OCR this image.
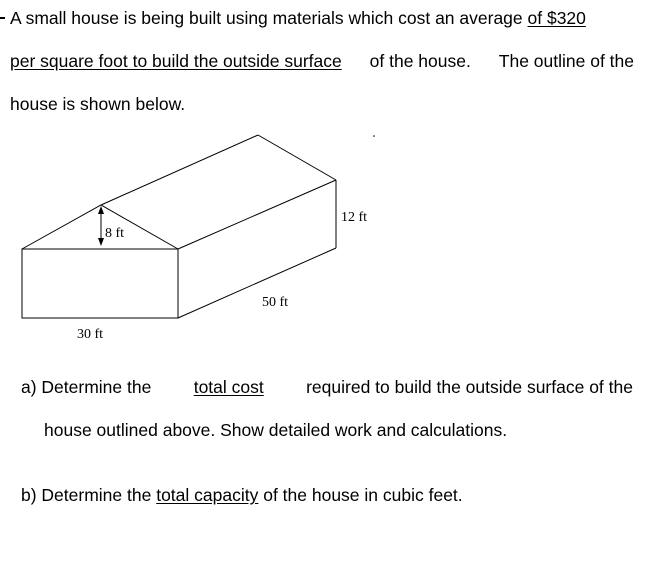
A small house is being built using materials which cost an average of $320
per square foot to build the outside surface of the house. The outline of the
house is shown below.
8 ft
12 ft
50 ft
30 ft
a) Determine the total cost required to build the outside surface of the
house outlined above. Show detailed work and calculations.
b) Determine the total capacity of the house in cubic feet.
